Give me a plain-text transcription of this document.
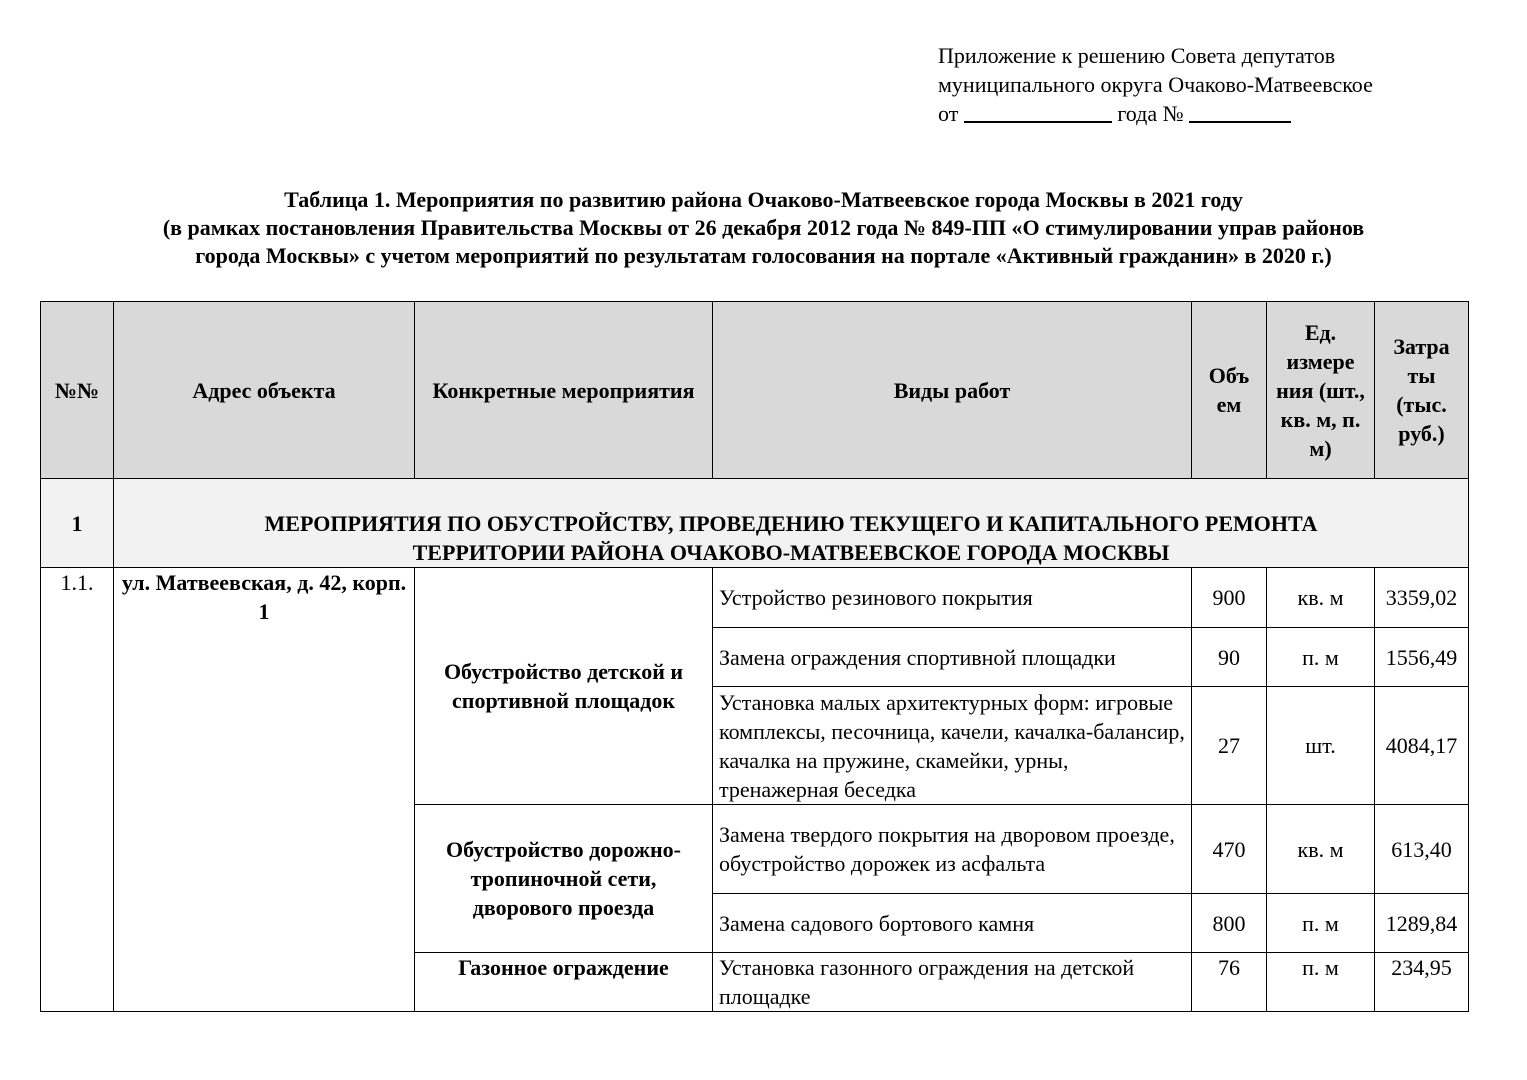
Приложение к решению Совета депутатов
муниципального округа Очаково-Матвеевское
от	года №
Таблица 1. Мероприятия по развитию района Очаково-Матвеевское города Москвы в 2021 году
(в рамках постановления Правительства Москвы от 26 декабря 2012 года № 849-ПП «О стимулировании управ районов
города Москвы» с учетом мероприятий по результатам голосования на портале «Активный гражданин» в 2020 г.)
№№	Адрес объекта	Конкретные мероприятия	Виды работ	Объ ем	Ед. измере ния (шт., кв. м, п. м)	Затра ты (тыс. руб.)
1	МЕРОПРИЯТИЯ ПО ОБУСТРОЙСТВУ, ПРОВЕДЕНИЮ ТЕКУЩЕГО И КАПИТАЛЬНОГО РЕМОНТА
ТЕРРИТОРИИ РАЙОНА ОЧАКОВО-МАТВЕЕВСКОЕ ГОРОДА МОСКВЫ					

1.1.	ул. Матвеевская, д. 42, корп. 1	Обустройство детской и спортивной площадок	Устройство резинового покрытия	900	кв. м	3359,02
			Замена ограждения спортивной площадки	90	п. м	1556,49
			Установка малых архитектурных форм: игровые комплексы, песочница, качели, качалка-балансир, качалка на пружине, скамейки, урны, тренажерная беседка	27	шт.	4084,17
		Обустройство дорожно-тропиночной сети, дворового проезда	Замена твердого покрытия на дворовом проезде,
обустройство дорожек из асфальта	470	кв. м	613,40
			Замена садового бортового камня	800	п. м	1289,84
		Газонное ограждение	Установка газонного ограждения на детской площадке	76	п. м	234,95
